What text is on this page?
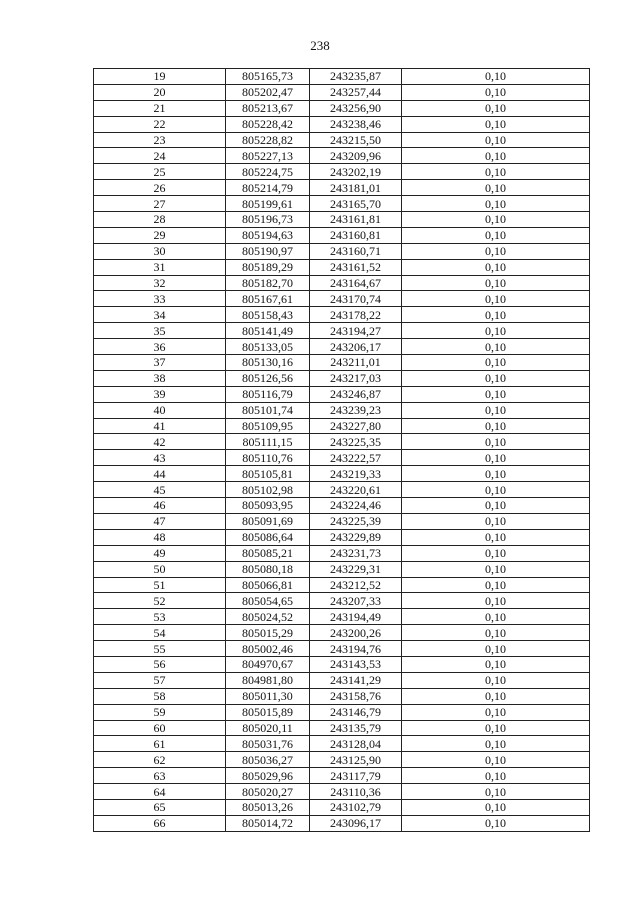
238
19	805165,73	243235,87	0,10
20	805202,47	243257,44	0,10
21	805213,67	243256,90	0,10
22	805228,42	243238,46	0,10
23	805228,82	243215,50	0,10
24	805227,13	243209,96	0,10
25	805224,75	243202,19	0,10
26	805214,79	243181,01	0,10
27	805199,61	243165,70	0,10
28	805196,73	243161,81	0,10
29	805194,63	243160,81	0,10
30	805190,97	243160,71	0,10
31	805189,29	243161,52	0,10
32	805182,70	243164,67	0,10
33	805167,61	243170,74	0,10
34	805158,43	243178,22	0,10
35	805141,49	243194,27	0,10
36	805133,05	243206,17	0,10
37	805130,16	243211,01	0,10
38	805126,56	243217,03	0,10
39	805116,79	243246,87	0,10
40	805101,74	243239,23	0,10
41	805109,95	243227,80	0,10
42	805111,15	243225,35	0,10
43	805110,76	243222,57	0,10
44	805105,81	243219,33	0,10
45	805102,98	243220,61	0,10
46	805093,95	243224,46	0,10
47	805091,69	243225,39	0,10
48	805086,64	243229,89	0,10
49	805085,21	243231,73	0,10
50	805080,18	243229,31	0,10
51	805066,81	243212,52	0,10
52	805054,65	243207,33	0,10
53	805024,52	243194,49	0,10
54	805015,29	243200,26	0,10
55	805002,46	243194,76	0,10
56	804970,67	243143,53	0,10
57	804981,80	243141,29	0,10
58	805011,30	243158,76	0,10
59	805015,89	243146,79	0,10
60	805020,11	243135,79	0,10
61	805031,76	243128,04	0,10
62	805036,27	243125,90	0,10
63	805029,96	243117,79	0,10
64	805020,27	243110,36	0,10
65	805013,26	243102,79	0,10
66	805014,72	243096,17	0,10
